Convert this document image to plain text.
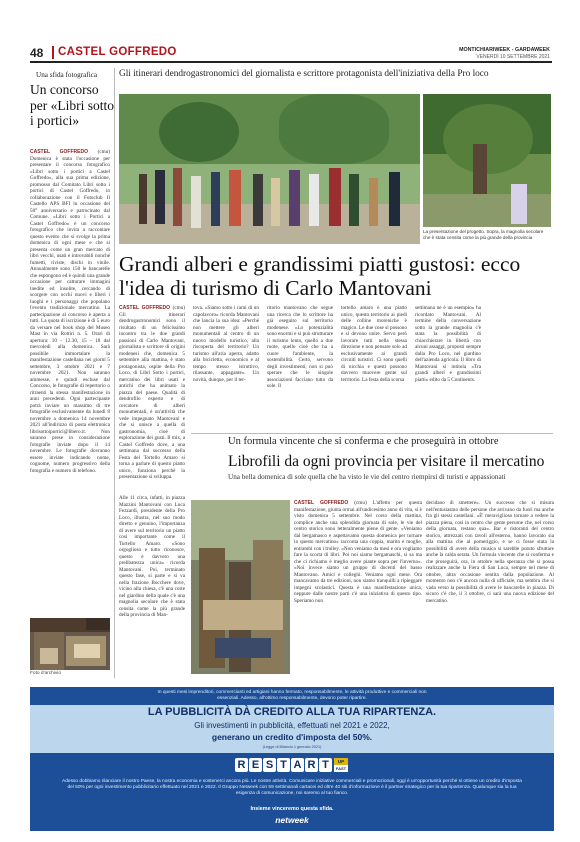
48 CASTEL GOFFREDO	MONTICHIARIWEEK - GARDAWEEK
VENERDÌ 10 SETTEMBRE 2021
Una sfida fotografica
Un concorso per «Libri sotto i portici»
CASTEL GOFFREDO (cmu) Domenica è stata l'occasione per presentare il concorso fotografico «Libri sotto i portici a Castel Goffredo», alla sua prima edizione, promosso dal Comitato Libri sotto i portici di Castel Goffredo, in collaborazione con il Fotoclub Il Castello APS BFI in occasione del 50° anniversario e patrocinato dal Comune. «Libri sotto i Portici a Castel Goffredo» è un concorso fotografico che invita a raccontare questo evento che si svolge la prima domenica di ogni mese e che si presenta come un gran mercato di libri vecchi, usati e introvabili nonché fumetti, riviste, dischi in vinile. Annualmente sono 150 le bancarelle che espongono ed è quindi una grande occasione per catturare immagini inedite ed insolite, cercando di scorgere con occhi nuovi e liberi i luoghi e i personaggi che popolano l'evento tradizionale mercatino. La partecipazione al concorso è aperta a tutti. La quota di iscrizione è di 5 euro da versare nel book shop del Museo Mast in via Rottiri n. 5. Orari di apertura: 10 - 12.30, 15 - 18 dal mercoledì alla domenica. Sarà possibile immortalare la manifestazione castellana nei giorni 5 settembre, 3 ottobre 2021 e 7 novembre 2021. Non saranno ammesse, e quindi escluse dal Concorso, le fotografie di repertorio o ritraenti la stessa manifestazione in anni precedenti. Ogni partecipante potrà inviare un massimo di tre fotografie esclusivamente da lunedì 8 novembre a domenica 14 novembre 2021 all'indirizzo di posta elettronica librisottoiportici@libero.it. Non saranno prese in considerazione fotografie inviate dopo il 14 novembre. Le fotografie dovranno essere inviate indicando nome, cognome, numero progressivo della fotografia e numero di telefono.
Foto d'archivio
Gli itinerari dendrogastronomici del giornalista e scrittore protagonista dell'iniziativa della Pro loco
La presentazione del progetto. Sopra, la magnolia secolare che è stata censita come la più grande della provincia
Grandi alberi e grandissimi piatti gustosi: ecco l'idea di turismo di Carlo Mantovani
CASTEL GOFFREDO (cmu) Gli itinerari dendrogastronomici sono il risultato di un felicissimo incontro tra le due grandi passioni di Carlo Mantovani, giornalista e scrittore di origini modenesi che, domenica 5 settembre alla mattina, è stato protagonista, ospite della Pro Loco, di Libri Sotto i portici, mercatino dei libri usati e antichi che ha animato la piazza del paese. Qualità di dendrofilo esperto e di cercatore di alberi monumentali, è un'attività che vede impegnato Mantovani e che si unisce a quella di gastronomia, cioè di esplorazione dei gusti. Il mix, a Castel Goffredo dove, a una settimana dal successo della Festa del Tortello Amaro si torna a parlare di questo piatto unico, funziona perché la presentazione si sviluppa.
Alle 11 circa, infatti, in piazza Mazzini Mantovani con Luca Fezzardi, presidente della Pro Loco, illustra, nel suo modo diretto e genuino, l'importanza di avere sul territorio un piatto così importante come il Tortello Amaro. «Sono orgoglioso e tutto riconosce, questo è davvero una prelibatezza unica» ricorda Mantovani. Poi, terminato questo fase, si parte e si va nella frazione Bocchere dove, vicino alla chiesa, c'è una corte nel giardino della quale c'è una magnolia secolare che è stata censita come la più grande della provincia di Man-
tova. «Siamo sotto i rami di un capolavoro» ricorda Mantovani che lancia la sua idea: «Perché non mettere gli alberi monumentali al centro di un nuovo modello turistico, alla riscoperta del territorio? Un turismo all'aria aperta, adatto alla bicicletta, economico e al tempo stesso istruttivo, rilassante, appagante». Un novità, dunque, per il ter-
ritorio mantovano che segue una ricerca che lo scrittore ha già eseguito sul territorio modenese. «Lo potenzialità sono enormi e si può strutturare il turismo lento, quello a due ruote, quello cioè che ha a cuore l'ambiente, la sostenibilità. Certo, servono degli investimenti, non si può sperare che le singole associazioni facciano tutto da sole. Il
tortello amaro è una piatto unico, questo territorio ai piedi delle colline moreniche è magico. Le due cose si possono e si devono unire. Servo però lavorare tutti nella stessa direzione e non pensare solo ad esclusivamente ai grandi circuiti turistici. Ci sono quelli di nicchia e questi possono davvero muovere gente sul territorio. La festa della scorsa
settimana ne è un esempio» ha ricordato Mantovani. Al termine della conversazione sotto la grande magnolia c'è stata la possibilità di chiacchierare in libertà con alcuni assaggi, proposti sempre dalla Pro Loco, nel giardino dell'azienda agricola. Il libro di Mantovani si intitola «Tra grandi alberi e grandissimi piatti» edito da 5 Continents.
Un formula vincente che si conferma e che proseguirà in ottobre
Librofili da ogni provincia per visitare il mercatino
Una bella domenica di sole quella che ha visto le vie del centro riempirsi di turisti e appassionati
CASTEL GOFFREDO (cmu) L'affetto per questa manifestazione, giunta ormai all'undicesimo anno di vita, si è visto domenica 5 settembre. Nel corso della mattina, complice anche una splendida giornata di sole, le vie del centro storico sono letteralmente piene di gente. «Veniamo dal bergamasco e aspettavamo questa domenica per tornare in questo mercatino» racconta una coppia, marito e moglie, entrambi con i trolley. «Non veniamo da mesi e ora vogliamo fare la scorta di libri. Poi noi siamo bergamaschi, si sa ma che ci richiamo è meglio avere piante sopra per l'inverno». «Noi invece siamo un gruppo di docenti del basso Mantovano. Amici e colleghi. Veniamo ogni mese. Ora mancavamo da tre edizioni, non siamo tranquilli a ripieggare impegni scolastici. Questa è una manifestazione unica, neppure dalle nostre parti c'è una iniziativa di questo tipo. Speriamo non
decidano di smettere». Un successo che si misura nell'entusiasmo delle persone che arrivano da fuori ma anche fra gli stessi castellani. «È' meraviglioso tornare a vedere la piazza piena, così in centro che gente persone che, nel corso della giornata, restano qua». Bar e ristoranti del centro storico, attrezzati con tavoli all'esterno, hanno lavorato sia alla mattina che al pomeriggio, e se ci fosse stata la possibilità di avere della musica si sarebbe potuto sfruttare anche la calda serata. Un formula vincente che si conferma e che proseguirà, ora, in ottobre nella speranza che si possa realizzare anche la Fiera di San Luca, sempre nel mese di ottobre, altra occasione sentita dalla popolazione. Al momento non c'è ancora nulla di ufficiale, ma sembra che si vada verso la possibilità di avere le bancarelle in piazza. Di sicuro c'è che, il 3 ottobre, ci sarà una nuova edizione del mercatino.
In questi mesi imprenditori, commercianti ed artigiani hanno fermato, responsabilmente, le attività produttive e commerciali non essenziali. Adesso, all'ottimo responsabilmente, devono poter ripartire.
LA PUBBLICITÀ DÀ CREDITO ALLA TUA RIPARTENZA.
Gli investimenti in pubblicità, effettuati nel 2021 e 2022,
generano un credito d'imposta del 50%.
(Legge di Bilancio 1 gennaio 2021)
R E S T A R T	UP
FAST
Adesso dobbiamo rilanciare il nostro Paese, la nostra economia e sostenerci ancora più. Le nostre attività. Comunicare iniziative commerciali e promozionali, oggi è un'opportunità perché si ottiene un credito d'imposta del 50% per ogni investimento pubblicitario effettuato nel 2021 e 2022. Il Gruppo Netweek con 59 settimanali cartacei ed oltre 40 siti d'informazione è il partner strategico per la tua ripartenza. Qualunque sia la tua esigenza di comunicazione, noi saremo al tuo fianco.
Insieme vinceremo questa sfida.
netweek
